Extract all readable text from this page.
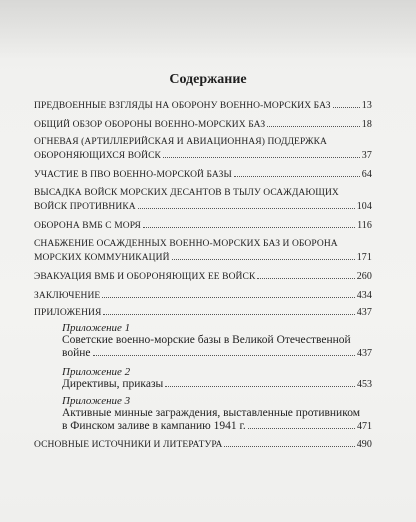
Содержание
ПРЕДВОЕННЫЕ ВЗГЛЯДЫ НА ОБОРОНУ ВОЕННО-МОРСКИХ БАЗ	13
ОБЩИЙ ОБЗОР ОБОРОНЫ ВОЕННО-МОРСКИХ БАЗ	18
ОГНЕВАЯ (АРТИЛЛЕРИЙСКАЯ И АВИАЦИОННАЯ) ПОДДЕРЖКА
ОБОРОНЯЮЩИХСЯ ВОЙСК	37
УЧАСТИЕ В ПВО ВОЕННО-МОРСКОЙ БАЗЫ	64
ВЫСАДКА ВОЙСК МОРСКИХ ДЕСАНТОВ В ТЫЛУ ОСАЖДАЮЩИХ
ВОЙСК ПРОТИВНИКА	104
ОБОРОНА ВМБ С МОРЯ	116
СНАБЖЕНИЕ ОСАЖДЕННЫХ ВОЕННО-МОРСКИХ БАЗ И ОБОРОНА
МОРСКИХ КОММУНИКАЦИЙ	171
ЭВАКУАЦИЯ ВМБ И ОБОРОНЯЮЩИХ ЕЕ ВОЙСК	260
ЗАКЛЮЧЕНИЕ	434
ПРИЛОЖЕНИЯ	437
Приложение 1
Советские военно-морские базы в Великой Отечественной
войне	437
Приложение 2
Директивы, приказы	453
Приложение 3
Активные минные заграждения, выставленные противником
в Финском заливе в кампанию 1941 г.	471
ОСНОВНЫЕ ИСТОЧНИКИ И ЛИТЕРАТУРА	490
